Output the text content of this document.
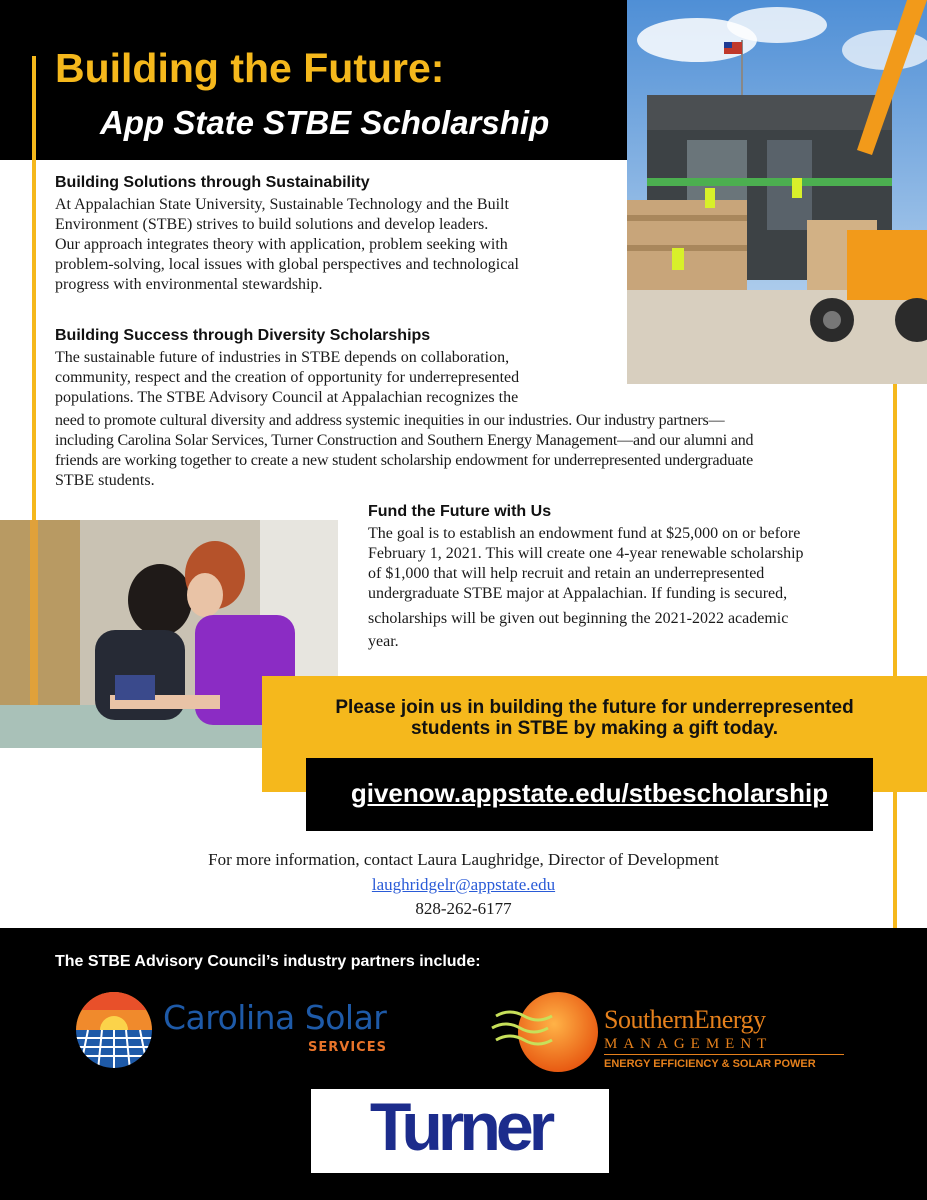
Building the Future:
App State STBE Scholarship
Building Solutions through Sustainability

At Appalachian State University, Sustainable Technology and the Built

Environment (STBE) strives to build solutions and develop leaders.

Our approach integrates theory with application, problem seeking with

problem-solving, local issues with global perspectives and technological

progress with environmental stewardship.

Building Success through Diversity Scholarships

The sustainable future of industries in STBE depends on collaboration,

community, respect and the creation of opportunity for underrepresented

populations. The STBE Advisory Council at Appalachian recognizes the

need to promote cultural diversity and address systemic inequities in our industries. Our industry partners—

including Carolina Solar Services, Turner Construction and Southern Energy Management—and our alumni and

friends are working together to create a new student scholarship endowment for underrepresented undergraduate

STBE students.

Fund the Future with Us

The goal is to establish an endowment fund at $25,000 on or before

February 1, 2021. This will create one 4-year renewable scholarship

of $1,000 that will help recruit and retain an underrepresented

undergraduate STBE major at Appalachian. If funding is secured,

scholarships will be given out beginning the 2021-2022 academic

year.

Please join us in building the future for underrepresented
students in STBE by making a gift today.

givenow.appstate.edu/stbescholarship

For more information, contact Laura Laughridge, Director of Development

laughridgelr@appstate.edu

828-262-6177

The STBE Advisory Council’s industry partners include:

Carolina Solar

SERVICES

SouthernEnergy

MANAGEMENT

ENERGY EFFICIENCY & SOLAR POWER

Turner
